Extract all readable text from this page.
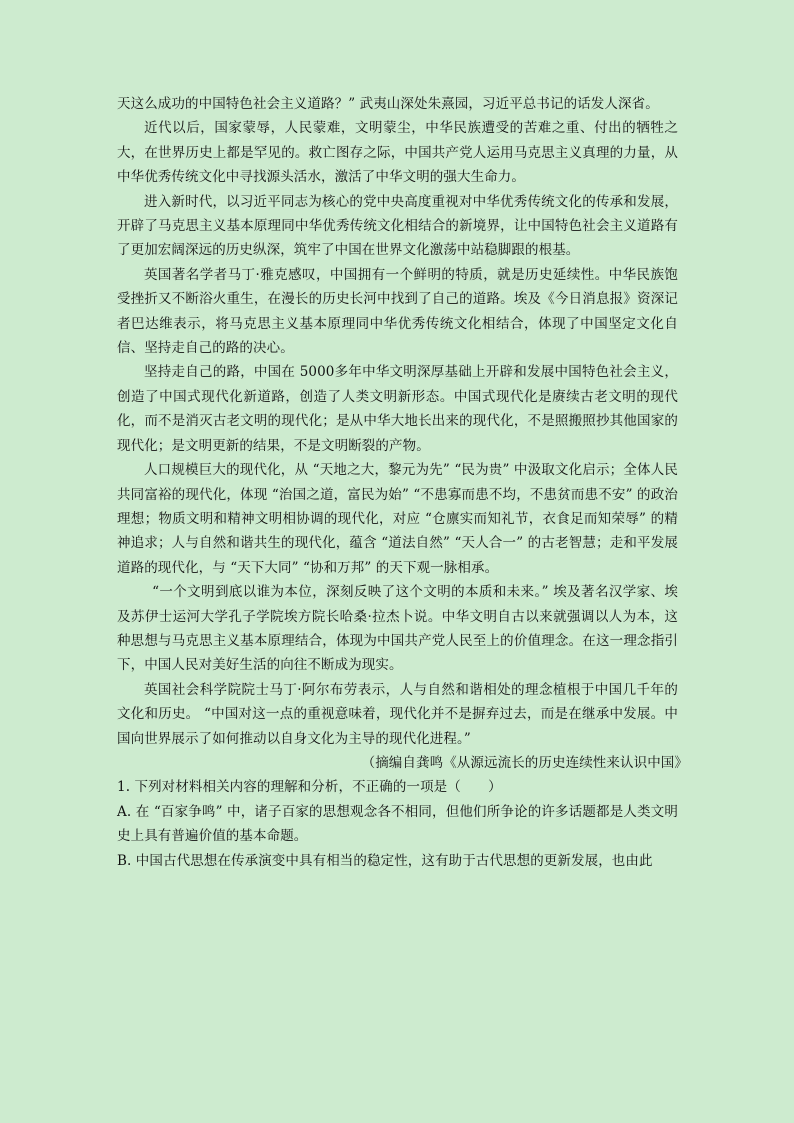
天这么成功的中国特色社会主义道路？” 武夷山深处朱熹园，习近平总书记的话发人深省。

近代以后，国家蒙辱，人民蒙难，文明蒙尘，中华民族遭受的苦难之重、付出的牺牲之大，在世界历史上都是罕见的。救亡图存之际，中国共产党人运用马克思主义真理的力量，从中华优秀传统文化中寻找源头活水，激活了中华文明的强大生命力。

进入新时代，以习近平同志为核心的党中央高度重视对中华优秀传统文化的传承和发展，开辟了马克思主义基本原理同中华优秀传统文化相结合的新境界，让中国特色社会主义道路有了更加宏阔深远的历史纵深，筑牢了中国在世界文化激荡中站稳脚跟的根基。

英国著名学者马丁·雅克感叹，中国拥有一个鲜明的特质，就是历史延续性。中华民族饱受挫折又不断浴火重生，在漫长的历史长河中找到了自己的道路。埃及《今日消息报》资深记者巴达维表示，将马克思主义基本原理同中华优秀传统文化相结合，体现了中国坚定文化自信、坚持走自己的路的决心。

坚持走自己的路，中国在 5000多年中华文明深厚基础上开辟和发展中国特色社会主义，创造了中国式现代化新道路，创造了人类文明新形态。中国式现代化是赓续古老文明的现代化，而不是消灭古老文明的现代化；是从中华大地长出来的现代化，不是照搬照抄其他国家的现代化；是文明更新的结果，不是文明断裂的产物。

人口规模巨大的现代化，从 “天地之大，黎元为先” “民为贵” 中汲取文化启示；全体人民共同富裕的现代化，体现 “治国之道，富民为始” “不患寡而患不均，不患贫而患不安” 的政治理想；物质文明和精神文明相协调的现代化，对应 “仓廪实而知礼节，衣食足而知荣辱” 的精神追求；人与自然和谐共生的现代化，蕴含 “道法自然” “天人合一” 的古老智慧；走和平发展道路的现代化，与 “天下大同” “协和万邦” 的天下观一脉相承。

“一个文明到底以谁为本位，深刻反映了这个文明的本质和未来。” 埃及著名汉学家、埃及苏伊士运河大学孔子学院埃方院长哈桑·拉杰卜说。中华文明自古以来就强调以人为本，这种思想与马克思主义基本原理结合，体现为中国共产党人民至上的价值理念。在这一理念指引下，中国人民对美好生活的向往不断成为现实。

英国社会科学院院士马丁·阿尔布劳表示，人与自然和谐相处的理念植根于中国几千年的文化和历史。 “中国对这一点的重视意味着，现代化并不是摒弃过去，而是在继承中发展。中国向世界展示了如何推动以自身文化为主导的现代化进程。”

（摘编自龚鸣《从源远流长的历史连续性来认识中国》

1. 下列对材料相关内容的理解和分析，不正确的一项是（　　）

A. 在 “百家争鸣” 中，诸子百家的思想观念各不相同，但他们所争论的许多话题都是人类文明史上具有普遍价值的基本命题。

B. 中国古代思想在传承演变中具有相当的稳定性，这有助于古代思想的更新发展，也由此
